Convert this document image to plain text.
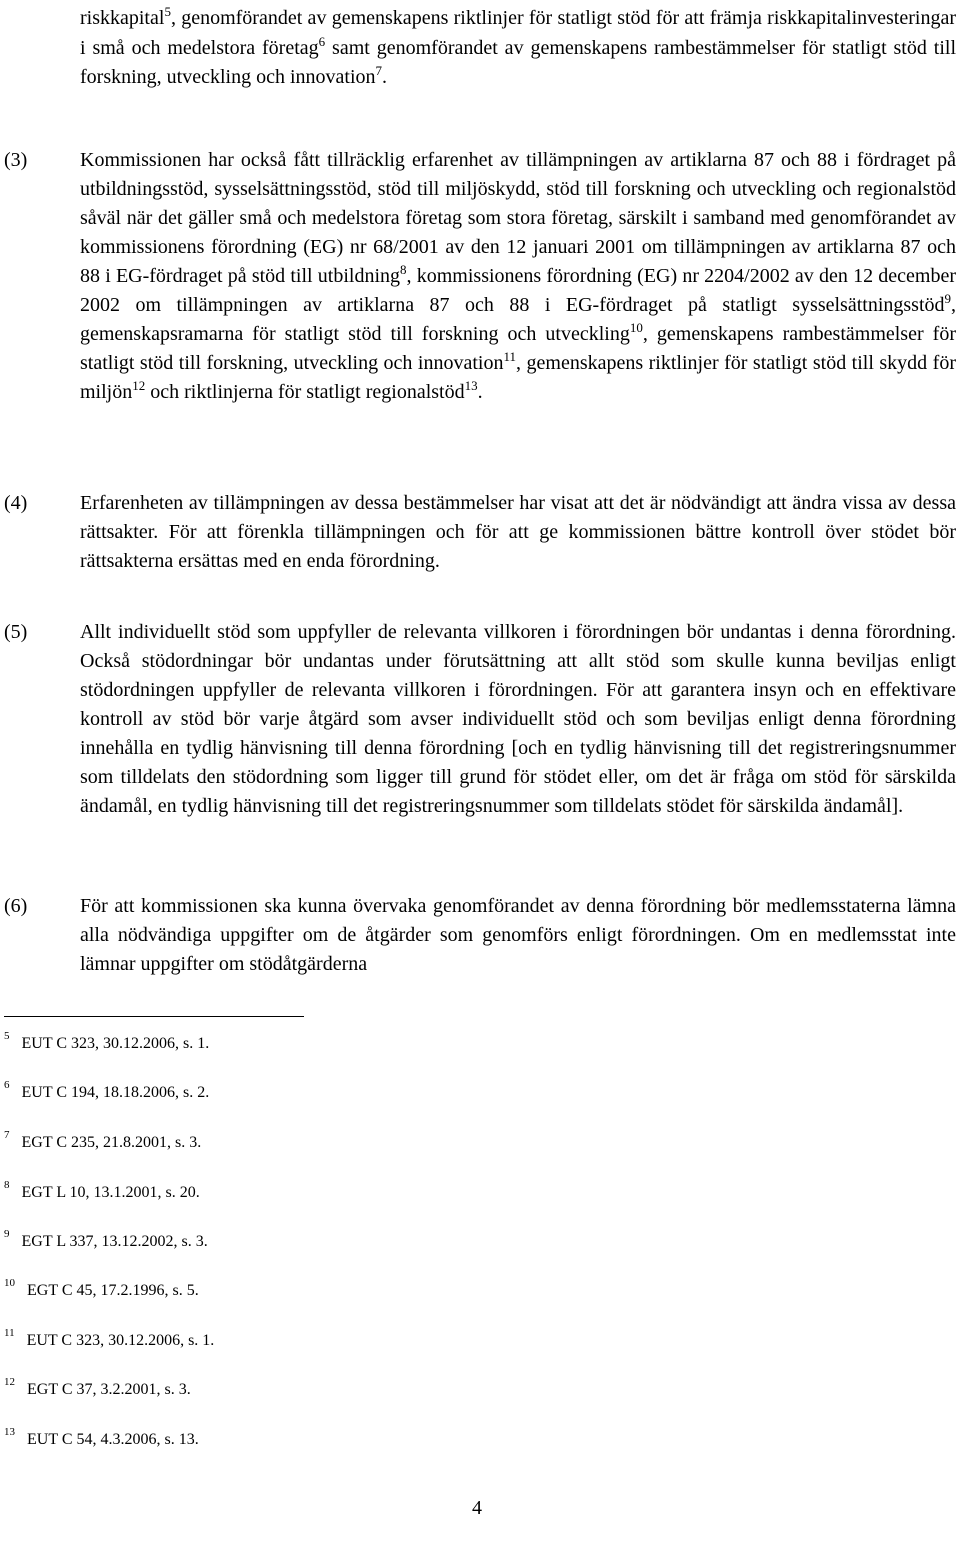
riskkapital$^5$, genomförandet av gemenskapens riktlinjer för statligt stöd för att främja riskkapitalinvesteringar i små och medelstora företag$^6$ samt genomförandet av gemenskapens rambestämmelser för statligt stöd till forskning, utveckling och innovation$^7$.

(3)	Kommissionen har också fått tillräcklig erfarenhet av tillämpningen av artiklarna 87 och 88 i fördraget på utbildningsstöd, sysselsättningsstöd, stöd till miljöskydd, stöd till forskning och utveckling och regionalstöd såväl när det gäller små och medelstora företag som stora företag, särskilt i samband med genomförandet av kommissionens förordning (EG) nr 68/2001 av den 12 januari 2001 om tillämpningen av artiklarna 87 och 88 i EG-fördraget på stöd till utbildning$^8$, kommissionens förordning (EG) nr 2204/2002 av den 12 december 2002 om tillämpningen av artiklarna 87 och 88 i EG-fördraget på statligt sysselsättningsstöd$^9$, gemenskapsramarna för statligt stöd till forskning och utveckling$^{10}$, gemenskapens rambestämmelser för statligt stöd till forskning, utveckling och innovation$^{11}$, gemenskapens riktlinjer för statligt stöd till skydd för miljön$^{12}$ och riktlinjerna för statligt regionalstöd$^{13}$.

(4)	Erfarenheten av tillämpningen av dessa bestämmelser har visat att det är nödvändigt att ändra vissa av dessa rättsakter. För att förenkla tillämpningen och för att ge kommissionen bättre kontroll över stödet bör rättsakterna ersättas med en enda förordning.

(5)	Allt individuellt stöd som uppfyller de relevanta villkoren i förordningen bör undantas i denna förordning. Också stödordningar bör undantas under förutsättning att allt stöd som skulle kunna beviljas enligt stödordningen uppfyller de relevanta villkoren i förordningen. För att garantera insyn och en effektivare kontroll av stöd bör varje åtgärd som avser individuellt stöd och som beviljas enligt denna förordning innehålla en tydlig hänvisning till denna förordning [och en tydlig hänvisning till det registreringsnummer som tilldelats den stödordning som ligger till grund för stödet eller, om det är fråga om stöd för särskilda ändamål, en tydlig hänvisning till det registreringsnummer som tilldelats stödet för särskilda ändamål].

(6)	För att kommissionen ska kunna övervaka genomförandet av denna förordning bör medlemsstaterna lämna alla nödvändiga uppgifter om de åtgärder som genomförs enligt förordningen. Om en medlemsstat inte lämnar uppgifter om stödåtgärderna

5 EUT C 323, 30.12.2006, s. 1.
6 EUT C 194, 18.18.2006, s. 2.
7 EGT C 235, 21.8.2001, s. 3.
8 EGT L 10, 13.1.2001, s. 20.
9 EGT L 337, 13.12.2002, s. 3.
10 EGT C 45, 17.2.1996, s. 5.
11 EUT C 323, 30.12.2006, s. 1.
12 EGT C 37, 3.2.2001, s. 3.
13 EUT C 54, 4.3.2006, s. 13.
4
